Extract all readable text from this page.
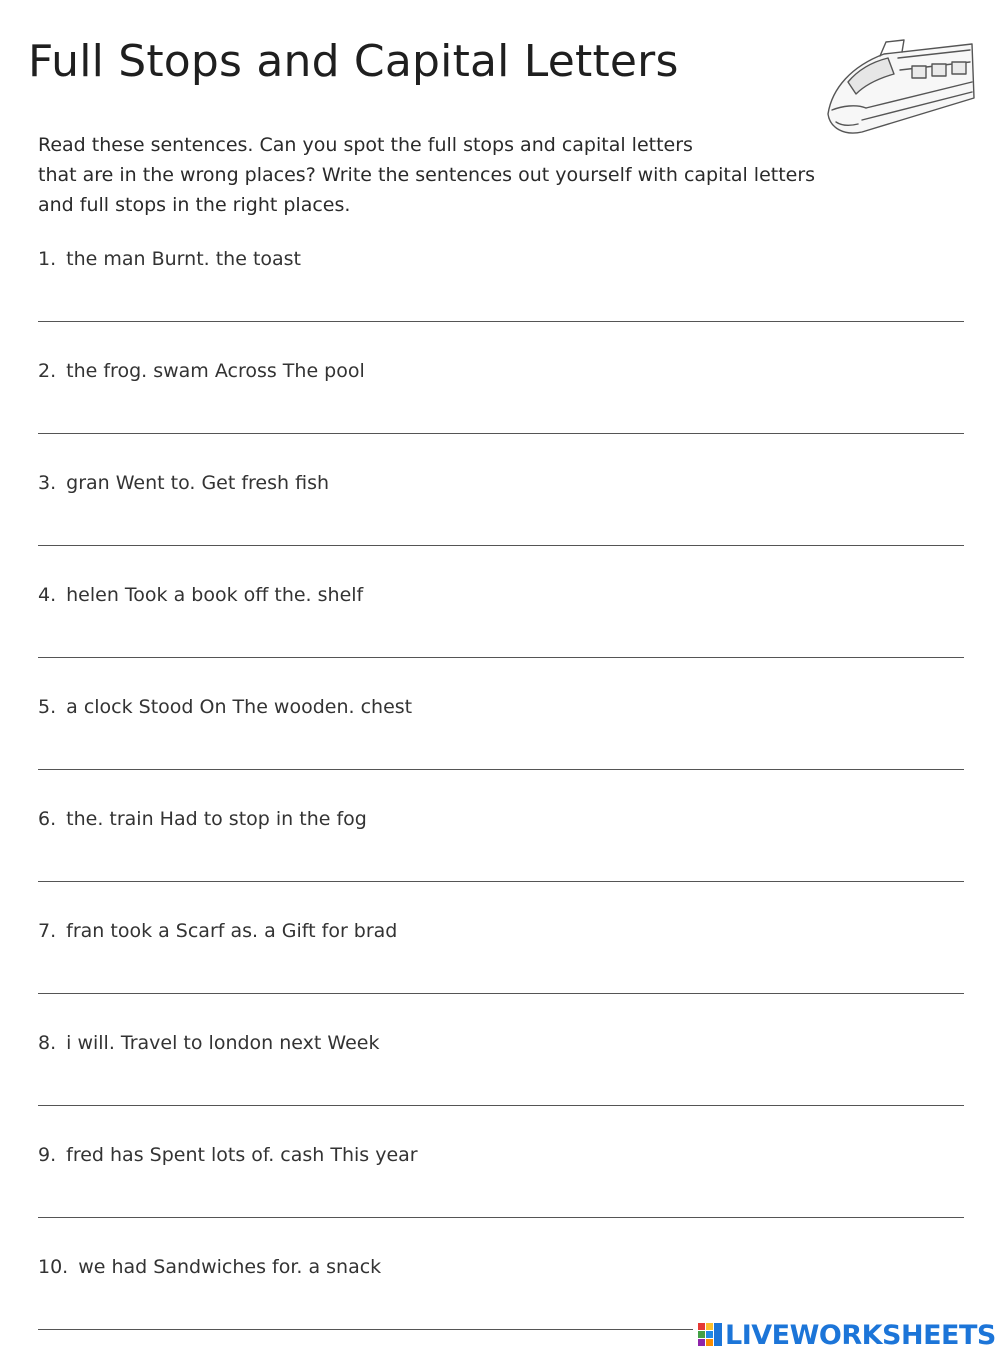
Full Stops and Capital Letters
Read these sentences. Can you spot the full stops and capital letters
that are in the wrong places? Write the sentences out yourself with capital letters
and full stops in the right places.
1. the man Burnt. the toast
2. the frog. swam Across The pool
3. gran Went to. Get fresh fish
4. helen Took a book off the. shelf
5. a clock Stood On The wooden. chest
6. the. train Had to stop in the fog
7. fran took a Scarf as. a Gift for brad
8. i will. Travel to london next Week
9. fred has Spent lots of. cash This year
10. we had Sandwiches for. a snack
LIVEWORKSHEETS
